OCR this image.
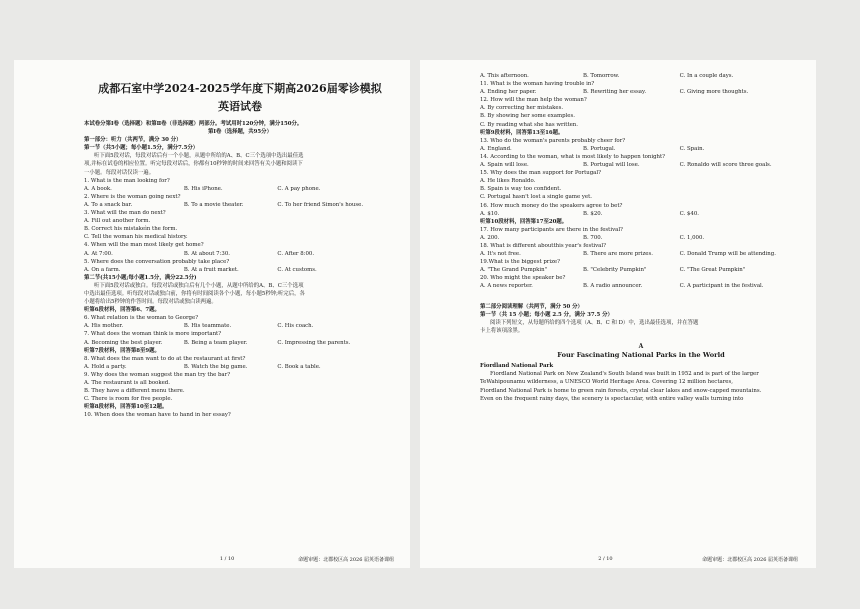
成都石室中学2024-2025学年度下期高2026届零诊模拟
英语试卷
本试卷分第Ⅰ卷（选择题）和第Ⅱ卷（非选择题）两部分。考试用时120分钟，满分150分。
第Ⅰ卷（选择题，共95分）
第一部分：听力（共两节，满分 30 分）
第一节（共5小题；每小题1.5分，满分7.5分）
听下面5段对话，每段对话后有一个小题，从题中所给的A、B、C三个选项中选出最佳选
项,并标在试卷的相应位置。听完每段对话后，你都有10秒钟的时间来回答有关小题和阅读下
一小题。每段对话仅读一遍。
1. What is the man looking for?
A. A book.	B. His iPhone.	C. A pay phone.
2. Where is the woman going next?
A. To a snack bar.	B. To a movie theater.	C. To her friend Simon's house.
3. What will the man do next?
A. Fill out another form.
B. Correct his mistakeìn the form.
C. Tell the woman his medical history.
4. When will the man most likely get home?
A. At 7:00.	B. At about 7:30.	C. After 8:00.
5. Where does the conversation probably take place?
A. On a farm.	B. At a fruit market.	C. At customs.
第二节(共15小题;每小题1.5分，满分22.5分)
听下面5段对话或独白。每段对话或独白后有几个小题，从题中所给的A、B、C三个选项
中选出最佳选项。听每段对话或独白前，你将有时间阅读各个小题，每小题5秒钟;听完后，各
小题将给出5秒钟的作答时间。每段对话或独白读两遍。
听第6段材料，回答第6、7题。
6. What relation is the woman to George?
A. His mother.	B. His teammate.	C. His coach.
7. What does the woman think is more important?
A. Becoming the best player.	B. Being a team player.	C. Impressing the parents.
听第7段材料，回答第8至9题。
8. What does the man want to do at the restaurant at first?
A. Hold a party.	B. Watch the big game.	C. Book a table.
9. Why does the woman suggest the man try the bar?
A. The restaurant is all booked.
B. They have a different menu there.
C. There is room for five people.
听第8段材料，回答第10至12题。
10. When does the woman have to hand in her essay?
1 / 10	命题审题：北郡校区高 2026 届英语备课组
A. This afternoon.	B. Tomorrow.	C. In a couple days.
11. What is the woman having trouble in?
A. Ending her paper.	B. Rewriting her essay.	C. Giving more thoughts.
12. How will the man help the woman?
A. By correcting her mistakes.
B. By showing her some examples.
C. By reading what she has written.
听第9段材料，回答第13至16题。
13. Who do the woman's parents probably cheer for?
A. England.	B. Portugal.	C. Spain.
14. According to the woman, what is most likely to happen tonight?
A. Spain will lose.	B. Portugal will lose.	C. Ronaldo will score three goals.
15. Why does the man support for Portugal?
A. He likes Ronaldo.
B. Spain is way too confident.
C. Portugal hasn't lost a single game yet.
16. How much money do the speakers agree to bet?
A. $10.	B. $20.	C. $40.
听第10段材料，回答第17至20题。
17. How many participants are there in the festival?
A. 200.	B. 700.	C. 1,000.
18. What is different aboutthis year's festival?
A. It's not free.	B. There are more prizes.	C. Donald Trump will be attending.
19.What is the biggest prize?
A. "The Grand Pumpkin"	B. "Celebrity Pumpkin"	C. "The Great Pumpkin"
20. Who might the speaker be?
A. A news reporter.	B. A radio announcer.	C. A participant in the festival.
第二部分阅读理解（共两节，满分 50 分）
第一节（共 15 小题；每小题 2.5 分，满分 37.5 分）
阅读下列短文，从每题所给的四个选项（A、B、C 和 D）中，选出最佳选项，并在答题
卡上将该项涂黑。
A
Four Fascinating National Parks in the World
Fiordland National Park
Fiordland National Park on New Zealand's South Island was built in 1952 and is part of the larger
TeWahipounamu wilderness, a UNESCO World Heritage Area. Covering 12 million hectares,
Fiordland National Park is home to green rain forests, crystal clear lakes and snow-capped mountains.
Even on the frequent rainy days, the scenery is spectacular, with entire valley walls turning into
2 / 10	命题审题：北郡校区高 2026 届英语备课组
